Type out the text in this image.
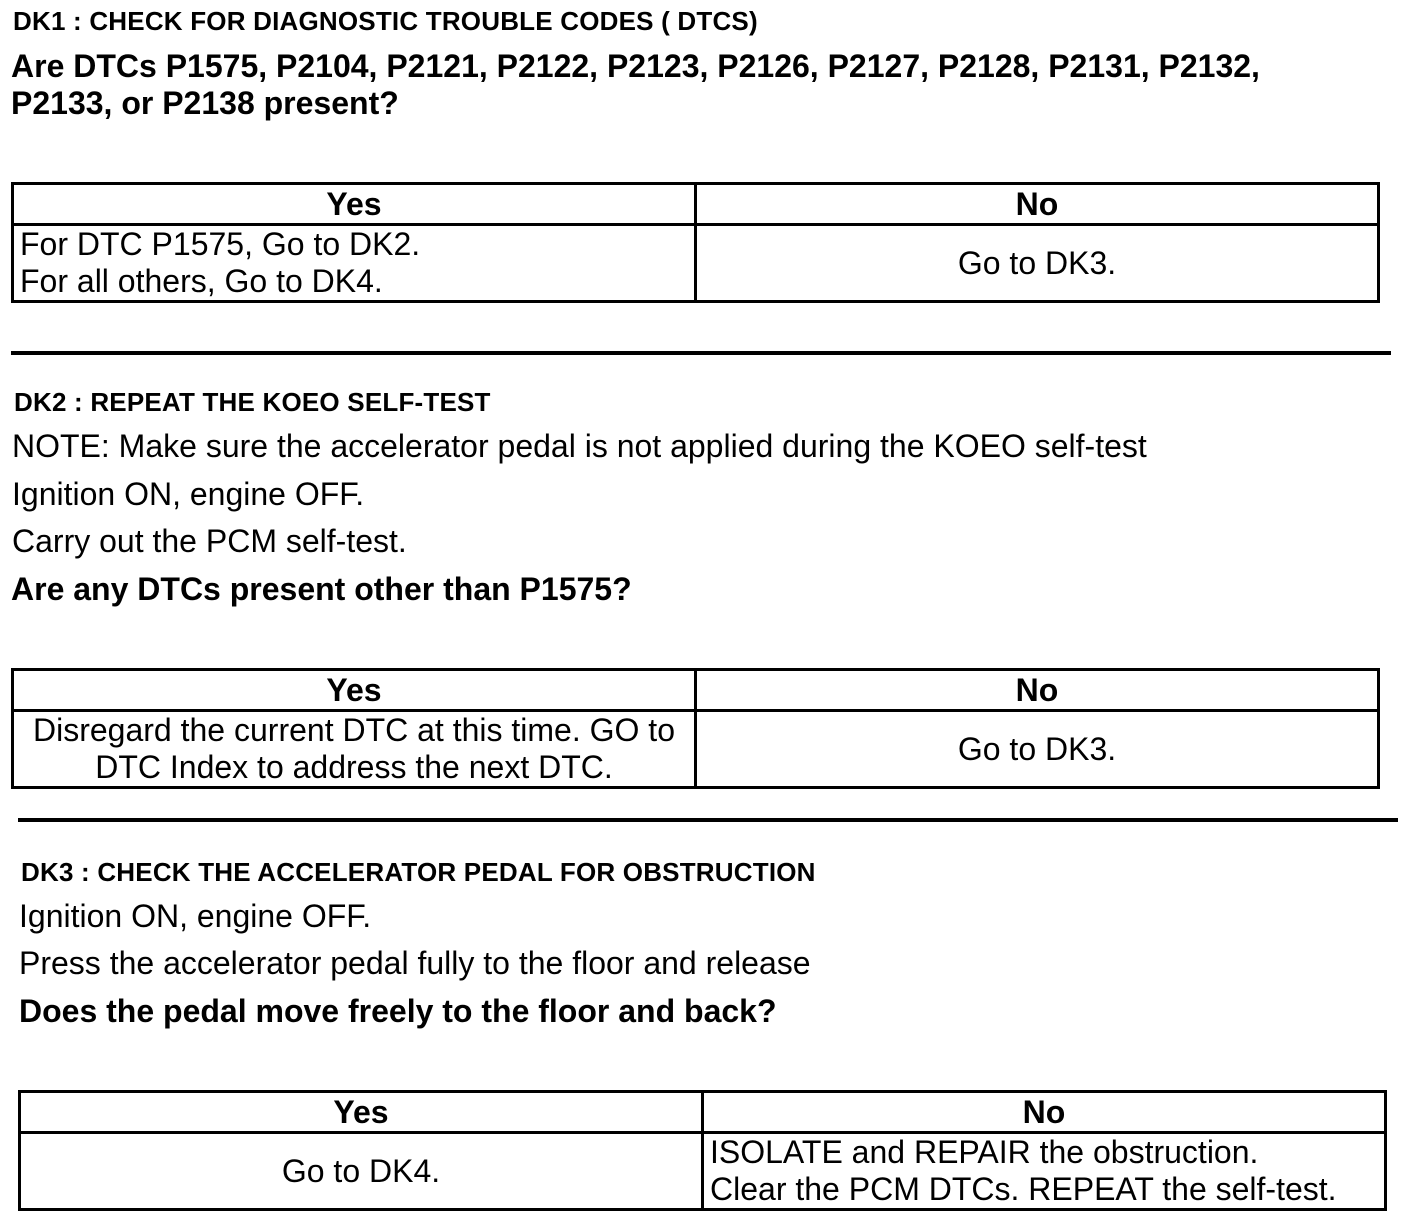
DK1 : CHECK FOR DIAGNOSTIC TROUBLE CODES ( DTCS)
Are DTCs P1575, P2104, P2121, P2122, P2123, P2126, P2127, P2128, P2131, P2132,
P2133, or P2138 present?
Yes	No

For DTC P1575, Go to DK2.
For all others, Go to DK4.	Go to DK3.
DK2 : REPEAT THE KOEO SELF-TEST
NOTE: Make sure the accelerator pedal is not applied during the KOEO self-test
Ignition ON, engine OFF.
Carry out the PCM self-test.
Are any DTCs present other than P1575?
Yes	No

Disregard the current DTC at this time. GO to
DTC Index to address the next DTC.	Go to DK3.
DK3 : CHECK THE ACCELERATOR PEDAL FOR OBSTRUCTION
Ignition ON, engine OFF.
Press the accelerator pedal fully to the floor and release
Does the pedal move freely to the floor and back?
Yes	No
Go to DK4.	ISOLATE and REPAIR the obstruction.
Clear the PCM DTCs. REPEAT the self-test.
